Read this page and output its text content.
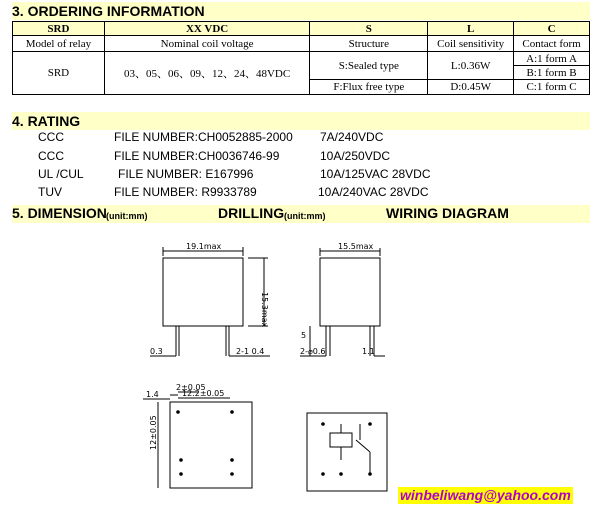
3. ORDERING INFORMATION
SRD	XX VDC	S	L	C
Model of relay	Nominal coil voltage	Structure	Coil sensitivity	Contact form
SRD	03、05、06、09、12、24、48VDC	S:Sealed type	L:0.36W	A:1 form A
				B:1 form B
		F:Flux free type	D:0.45W	C:1 form C
4. RATING
CCC	FILE NUMBER:CH0052885-2000 7A/240VDC
CCC	FILE NUMBER:CH0036746-99	10A/250VDC
UL /CUL	FILE NUMBER: E167996	10A/125VAC 28VDC
TUV	FILE NUMBER: R9933789	10A/240VAC 28VDC
5. DIMENSION (unit:mm)	DRILLING (unit:mm)	WIRING DIAGRAM
19.1max	15.5max
15.3max
0.3	2-1 0.4
5
2-⌀0.6	1.1
2±0.05
1.4	12.2±0.05
12±0.05
winbeliwang@yahoo.com
